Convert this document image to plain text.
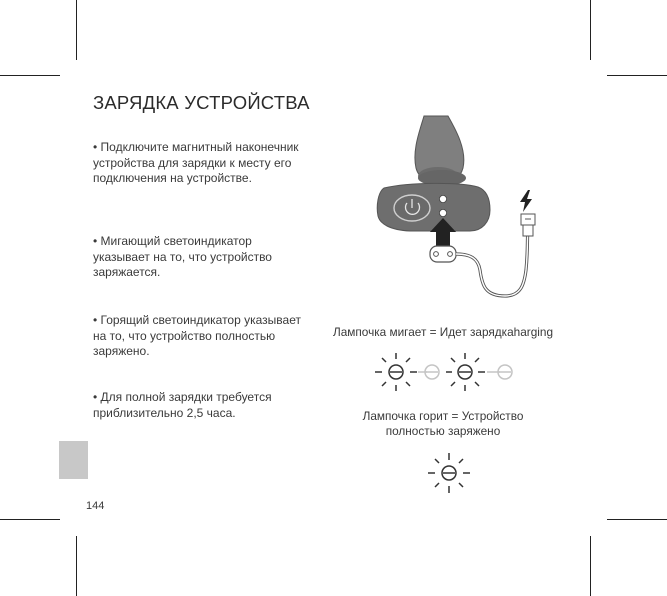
ЗАРЯДКА УСТРОЙСТВА

• Подключите магнитный наконечник устройства для зарядки к месту его подключения на устройстве.

• Мигающий светоиндикатор указывает на то, что устройство заряжается.

• Горящий светоиндикатор указывает на то, что устройство полностью заряжено.

• Для полной зарядки требуется приблизительно 2,5 часа.

Лампочка мигает = Идет зарядкаharging

Лампочка горит = Устройство

полностью заряжено

144
